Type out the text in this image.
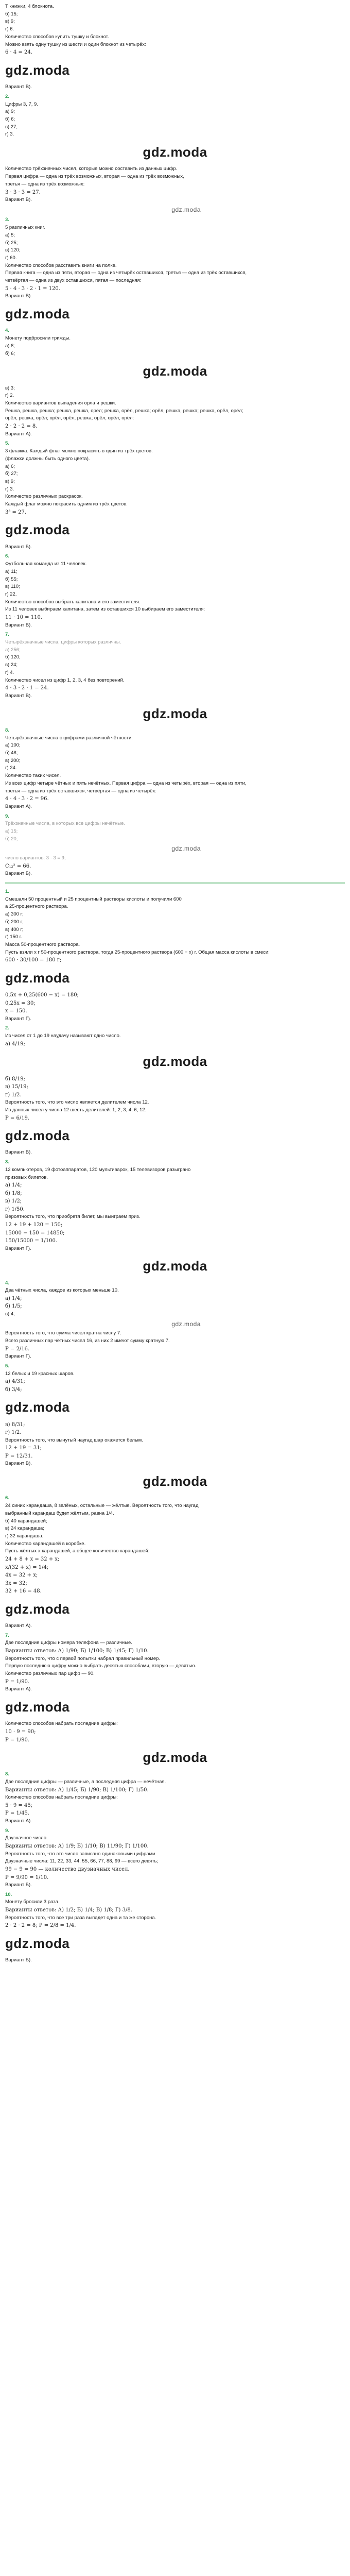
Т книжки, 4 блокнота.
б) 15;
в) 9;
г) 6.
Количество способов купить тушку и блокнот.
Можно взять одну тушку из шести и один блокнот из четырёх:
6 · 4 = 24.
gdz.moda
Вариант В).
2.
Цифры 3, 7, 9.
а) 9;
б) 6;
в) 27;
г) 3.
gdz.moda
Количество трёхзначных чисел, которые можно составить из данных цифр.
Первая цифра — одна из трёх возможных, вторая — одна из трёх возможных,
третья — одна из трёх возможных:
3 · 3 · 3 = 27.
Вариант В).
gdz.moda
3.
5 различных книг.
а) 5;
б) 25;
в) 120;
г) 60.
Количество способов расставить книги на полке.
Первая книга — одна из пяти, вторая — одна из четырёх оставшихся, третья — одна из трёх оставшихся,
четвёртая — одна из двух оставшихся, пятая — последняя:
5 · 4 · 3 · 2 · 1 = 120.
Вариант В).
gdz.moda
4.
Монету подбросили трижды.
а) 8;
б) 6;
gdz.moda
в) 3;
г) 2.
Количество вариантов выпадения орла и решки.
Решка, решка, решка; решка, решка, орёл; решка, орёл, решка; орёл, решка, решка; решка, орёл, орёл;
орёл, решка, орёл; орёл, орёл, решка; орёл, орёл, орёл:
2 · 2 · 2 = 8.
Вариант А).
5.
3 флажка. Каждый флаг можно покрасить в один из трёх цветов.
(флажки должны быть одного цвета).
а) 6;
б) 27;
в) 9;
г) 3.
Количество различных раскрасок.
Каждый флаг можно покрасить одним из трёх цветов:
3³ = 27.
gdz.moda
Вариант Б).
6.
Футбольная команда из 11 человек.
а) 11;
б) 55;
в) 110;
г) 22.
Количество способов выбрать капитана и его заместителя.
Из 11 человек выбираем капитана, затем из оставшихся 10 выбираем его заместителя:
11 · 10 = 110.
Вариант В).
7.
Четырёхзначные числа, цифры которых различны.
а) 256;
б) 120;
в) 24;
г) 4.
Количество чисел из цифр 1, 2, 3, 4 без повторений.
4 · 3 · 2 · 1 = 24.
Вариант В).
gdz.moda
8.
Четырёхзначные числа с цифрами различной чётности.
а) 100;
б) 48;
в) 200;
г) 24.
Количество таких чисел.
Из всех цифр четыре чётных и пять нечётных. Первая цифра — одна из четырёх, вторая — одна из пяти,
третья — одна из трёх оставшихся, четвёртая — одна из четырёх:
4 · 4 · 3 · 2 = 96.
Вариант А).
9.
Трёхзначные числа, в которых все цифры нечётные.
а) 15;
б) 20;
gdz.moda
число вариантов: 3 · 3 = 9;
C₁₂² = 66.
Вариант Б).
1.
Смешали 50 процентный и 25 процентный растворы кислоты и получили 600
а 25-процентного раствора.
а) 300 г;
б) 200 г;
в) 400 г;
г) 150 г.
Масса 50-процентного раствора.
Пусть взяли х г 50-процентного раствора, тогда 25-процентного раствора (600 − х) г. Общая масса кислоты в смеси:
600 · 30/100 = 180 г;
gdz.moda
0,5х + 0,25(600 − х) = 180;
0,25х = 30;
х = 150.
Вариант Г).
2.
Из чисел от 1 до 19 наудачу называют одно число.
а) 4/19;
gdz.moda
б) 8/19;
в) 15/19;
г) 1/2.
Вероятность того, что это число является делителем числа 12.
Из данных чисел у числа 12 шесть делителей: 1, 2, 3, 4, 6, 12.
P = 6/19.
gdz.moda
Вариант В).
3.
12 компьютеров, 19 фотоаппаратов, 120 мультиварок, 15 телевизоров разыграно
призовых билетов.
а) 1/4;
б) 1/8;
в) 1/2;
г) 1/50.
Вероятность того, что приобретя билет, мы выиграем приз.
12 + 19 + 120 = 150;
15000 − 150 = 14850;
150/15000 = 1/100.
Вариант Г).
gdz.moda
4.
Два чётных числа, каждое из которых меньше 10.
а) 1/4;
б) 1/5;
в) 4;
gdz.moda
Вероятность того, что сумма чисел кратна числу 7.
Всего различных пар чётных чисел 16, из них 2 имеют сумму кратную 7.
P = 2/16.
Вариант Г).
5.
12 белых и 19 красных шаров.
а) 4/31;
б) 3/4;
gdz.moda
в) 8/31;
г) 1/2.
Вероятность того, что вынутый наугад шар окажется белым.
12 + 19 = 31;
P = 12/31.
Вариант В).
gdz.moda
6.
24 синих карандаша, 8 зелёных, остальные — жёлтые. Вероятность того, что наугад
выбранный карандаш будет жёлтым, равна 1/4.
б) 40 карандашей;
в) 24 карандаша;
г) 32 карандаша.
Количество карандашей в коробке.
Пусть жёлтых х карандашей, а общее количество карандашей:
24 + 8 + х = 32 + х;
х/(32 + х) = 1/4;
4х = 32 + х;
3х = 32;
32 + 16 = 48.
gdz.moda
Вариант А).
7.
Две последние цифры номера телефона — различные.
Варианты ответов: А) 1/90; Б) 1/100; В) 1/45; Г) 1/10.
Вероятность того, что с первой попытки набрал правильный номер.
Первую последнюю цифру можно выбрать десятью способами, вторую — девятью.
Количество различных пар цифр — 90.
P = 1/90.
Вариант А).
gdz.moda
Количество способов набрать последние цифры:
10 · 9 = 90;
P = 1/90.
gdz.moda
8.
Две последние цифры — различные, а последняя цифра — нечётная.
Варианты ответов: А) 1/45; Б) 1/90; В) 1/100; Г) 1/50.
Количество способов набрать последние цифры:
5 · 9 = 45;
P = 1/45.
Вариант А).
9.
Двузначное число.
Варианты ответов: А) 1/9; Б) 1/10; В) 11/90; Г) 1/100.
Вероятность того, что это число записано одинаковыми цифрами.
Двузначные числа: 11, 22, 33, 44, 55, 66, 77, 88, 99 — всего девять;
99 − 9 = 90 — количество двузначных чисел.
P = 9/90 = 1/10.
Вариант Б).
10.
Монету бросили 3 раза.
Варианты ответов: А) 1/2; Б) 1/4; В) 1/8; Г) 3/8.
Вероятность того, что все три раза выпадет одна и та же сторона.
2 · 2 · 2 = 8; P = 2/8 = 1/4.
gdz.moda
Вариант Б).
